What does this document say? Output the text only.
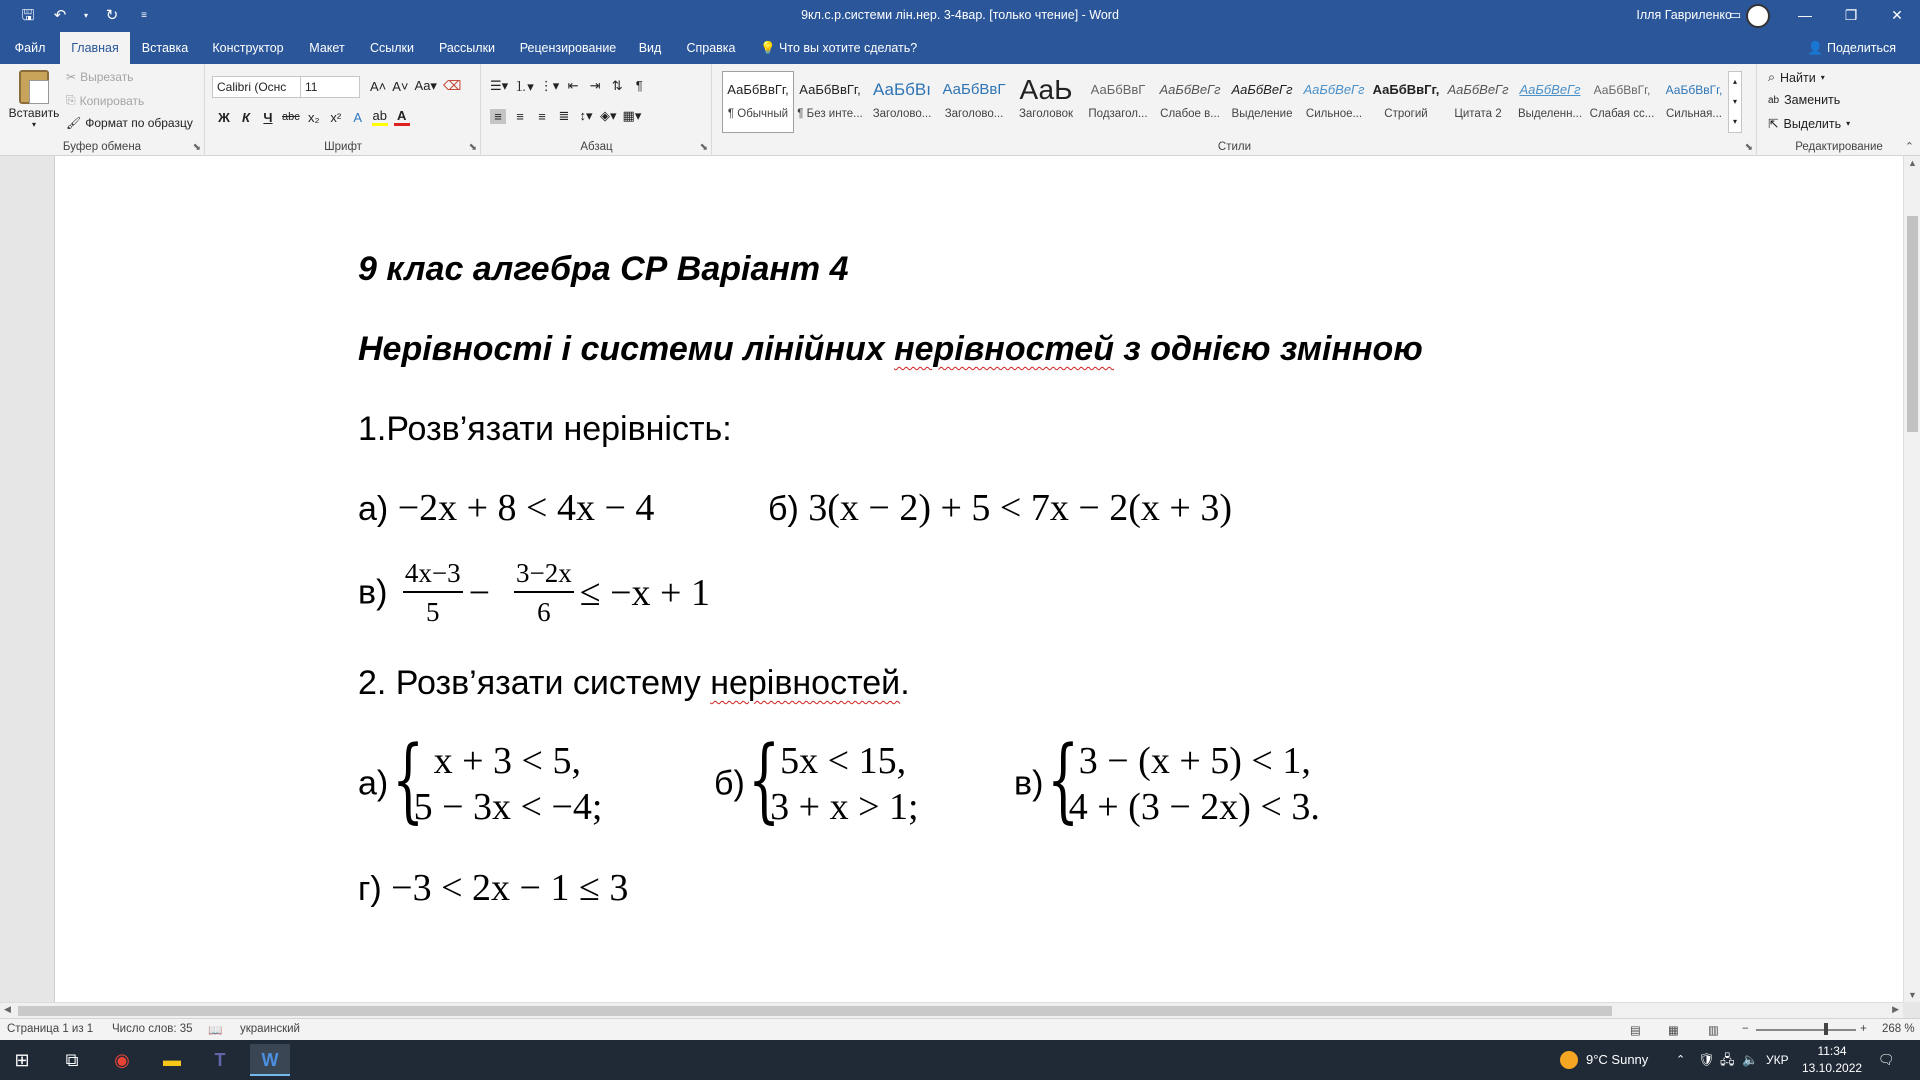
🖫 ↶	▾ ↻	≡	9кл.с.р.системи лін.нер. 3-4вар. [только чтение] - Word	Ілля Гавриленко
▭	—	❐	✕
Файл	Главная	Вставка	Конструктор	Макет	Ссылки	Рассылки	Рецензирование	Вид	Справка	💡 Что вы хотите сделать?	👤 Поделиться
Вставить
▾
✂ Вырезать
⎘ Копировать
🖌 Формат по образцу
Буфер обмена	⬊
Calibri (Оснс	11	A˄ A˅ Aa▾ ⌫
Ж К	Ч abc x₂ x² A ab A
Шрифт	⬊
☰▾ ⒈▾ ⋮▾ ⇤ ⇥ ⇅	¶
≡	≡	≡ ≣ ↕▾ ◈▾ ▦▾
Абзац	⬊	Стили	⬊
АаБбВвГг,
¶ Обычный
АаБбВвГг,
¶ Без инте...
АаБбВı
Заголово...
АаБбВвГ
Заголово...
АаЬ
Заголовок
АаБбВвГ
Подзагол...
АаБбВеГг
Слабое в...
АаБбВеГг
Выделение
АаБбВеГг
Сильное...
АаБбВвГг,
Строгий
АаБбВеГг
Цитата 2
АаБбВеГг
Выделенн...
АаБбВвГг,
Слабая сс...
АаБбВвГг,
Сильная...
▴
▾
▾
Редактирование
⌕ Найти ▾
ab Заменить
⇱ Выделить ▾
⌃
9 клас алгебра СР Варіант 4
Нерівності і системи лінійних нерівностей з однією змінною
1.Розв’язати нерівність:
а) −2x + 8 < 4x − 4	б) 3(x − 2) + 5 < 7x − 2(x + 3)
$в) \frac{4x-3}{5} - \frac{3-2x}{6} \le -x + 1$
2. Розв’язати систему нерівностей.
а) { x + 3 < 5,
5 − 3x < −4;
б) { 5x < 15,
3 + x > 1;
в) { 3 − (x + 5) < 1,
4 + (3 − 2x) < 3.
г) −3 < 2x − 1 ≤ 3
▲
▼
◀	▶
Страница 1 из 1 Число слов: 35 📖 украинский	▤ ▦	▥ −	+ 268 %
⊞	⧉	◉	▬	T	W	9°C Sunny	⌃ 🛡 🖧 🔈 УКР
11:34
13.10.2022
🗨
